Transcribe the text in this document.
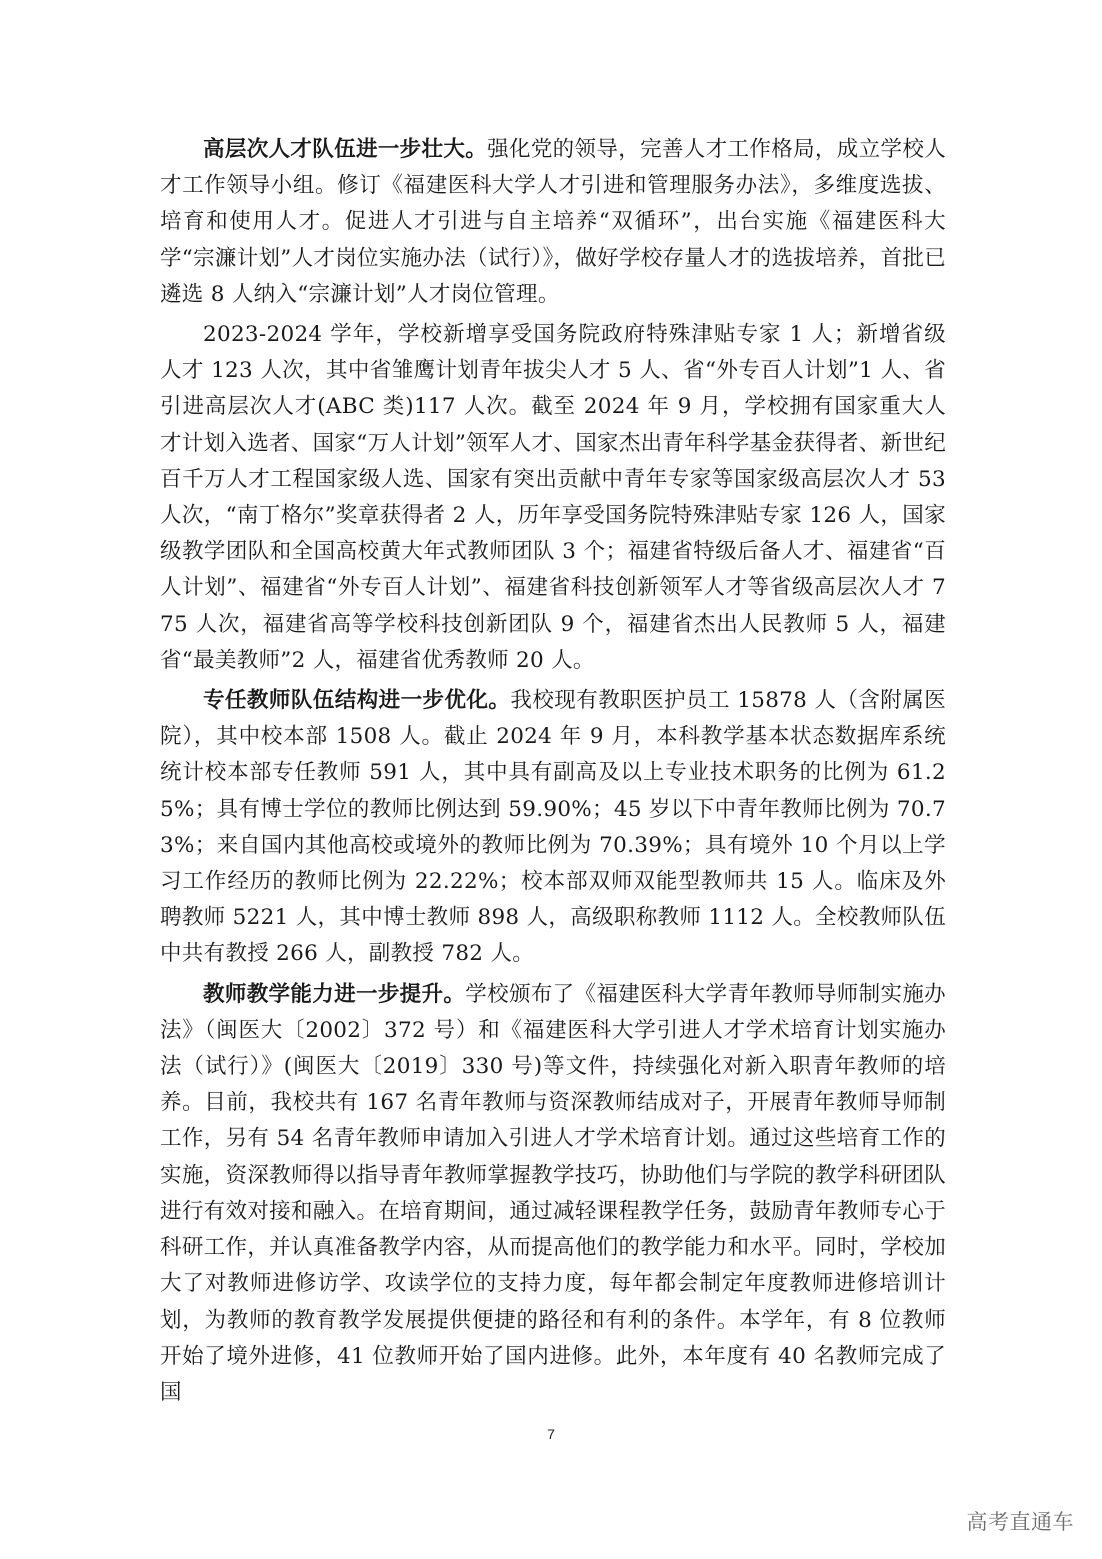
高层次人才队伍进一步壮大。强化党的领导，完善人才工作格局，成立学校人才工作领导小组。修订《福建医科大学人才引进和管理服务办法》，多维度选拔、培育和使用人才。促进人才引进与自主培养“双循环”，出台实施《福建医科大学“宗濂计划”人才岗位实施办法（试行）》，做好学校存量人才的选拔培养，首批已遴选 8 人纳入“宗濂计划”人才岗位管理。

2023-2024 学年，学校新增享受国务院政府特殊津贴专家 1 人；新增省级人才 123 人次，其中省雏鹰计划青年拔尖人才 5 人、省“外专百人计划”1 人、省引进高层次人才(ABC 类)117 人次。截至 2024 年 9 月，学校拥有国家重大人才计划入选者、国家“万人计划”领军人才、国家杰出青年科学基金获得者、新世纪百千万人才工程国家级人选、国家有突出贡献中青年专家等国家级高层次人才 53 人次，“南丁格尔”奖章获得者 2 人，历年享受国务院特殊津贴专家 126 人，国家级教学团队和全国高校黄大年式教师团队 3 个；福建省特级后备人才、福建省“百人计划”、福建省“外专百人计划”、福建省科技创新领军人才等省级高层次人才 775 人次，福建省高等学校科技创新团队 9 个，福建省杰出人民教师 5 人，福建省“最美教师”2 人，福建省优秀教师 20 人。

专任教师队伍结构进一步优化。我校现有教职医护员工 15878 人（含附属医院），其中校本部 1508 人。截止 2024 年 9 月，本科教学基本状态数据库系统统计校本部专任教师 591 人，其中具有副高及以上专业技术职务的比例为 61.25%；具有博士学位的教师比例达到 59.90%；45 岁以下中青年教师比例为 70.73%；来自国内其他高校或境外的教师比例为 70.39%；具有境外 10 个月以上学习工作经历的教师比例为 22.22%；校本部双师双能型教师共 15 人。临床及外聘教师 5221 人，其中博士教师 898 人，高级职称教师 1112 人。全校教师队伍中共有教授 266 人，副教授 782 人。

教师教学能力进一步提升。学校颁布了《福建医科大学青年教师导师制实施办法》（闽医大〔2002〕372 号）和《福建医科大学引进人才学术培育计划实施办法（试行）》(闽医大〔2019〕330 号)等文件，持续强化对新入职青年教师的培养。目前，我校共有 167 名青年教师与资深教师结成对子，开展青年教师导师制工作，另有 54 名青年教师申请加入引进人才学术培育计划。通过这些培育工作的实施，资深教师得以指导青年教师掌握教学技巧，协助他们与学院的教学科研团队进行有效对接和融入。在培育期间，通过减轻课程教学任务，鼓励青年教师专心于科研工作，并认真准备教学内容，从而提高他们的教学能力和水平。同时，学校加大了对教师进修访学、攻读学位的支持力度，每年都会制定年度教师进修培训计划，为教师的教育教学发展提供便捷的路径和有利的条件。本学年，有 8 位教师开始了境外进修，41 位教师开始了国内进修。此外，本年度有 40 名教师完成了国

7
高考直通车
